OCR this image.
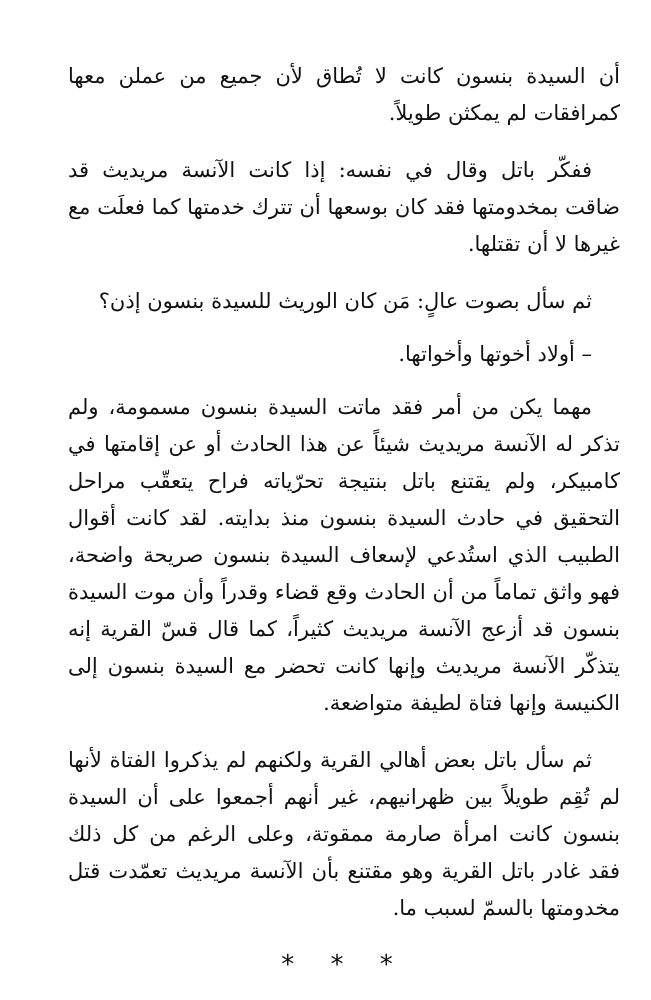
أن السيدة بنسون كانت لا تُطاق لأن جميع من عملن معها كمرافقات لم يمكثن طويلاً.

ففكّر باتل وقال في نفسه: إذا كانت الآنسة مريديث قد ضاقت بمخدومتها فقد كان بوسعها أن تترك خدمتها كما فعلَت مع غيرها لا أن تقتلها.

ثم سأل بصوت عالٍ: مَن كان الوريث للسيدة بنسون إذن؟

– أولاد أخوتها وأخواتها.

مهما يكن من أمر فقد ماتت السيدة بنسون مسمومة، ولم تذكر له الآنسة مريديث شيئاً عن هذا الحادث أو عن إقامتها في كامبيكر، ولم يقتنع باتل بنتيجة تحرّياته فراح يتعقّب مراحل التحقيق في حادث السيدة بنسون منذ بدايته. لقد كانت أقوال الطبيب الذي استُدعي لإسعاف السيدة بنسون صريحة واضحة، فهو واثق تماماً من أن الحادث وقع قضاء وقدراً وأن موت السيدة بنسون قد أزعج الآنسة مريديث كثيراً، كما قال قسّ القرية إنه يتذكّر الآنسة مريديث وإنها كانت تحضر مع السيدة بنسون إلى الكنيسة وإنها فتاة لطيفة متواضعة.

ثم سأل باتل بعض أهالي القرية ولكنهم لم يذكروا الفتاة لأنها لم تُقِم طويلاً بين ظهرانيهم، غير أنهم أجمعوا على أن السيدة بنسون كانت امرأة صارمة ممقوتة، وعلى الرغم من كل ذلك فقد غادر باتل القرية وهو مقتنع بأن الآنسة مريديث تعمّدت قتل مخدومتها بالسمّ لسبب ما.

* * *
